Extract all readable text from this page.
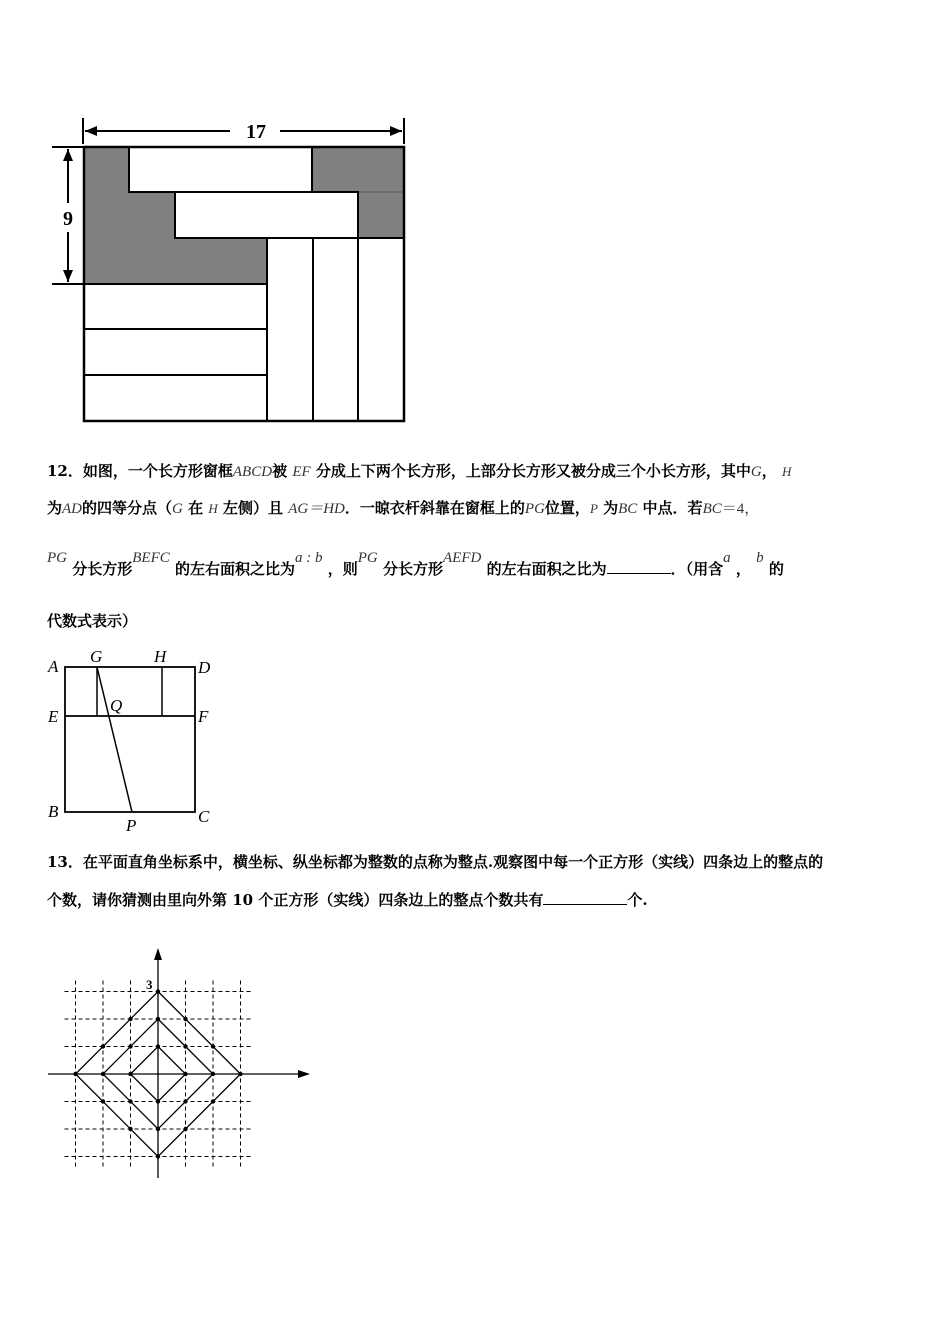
17
9
12．如图，一个长方形窗框ABCD被 EF 分成上下两个长方形，上部分长方形又被分成三个小长方形，其中G， H
为AD的四等分点（G 在 H 左侧）且 AG＝HD．一晾衣杆斜靠在窗框上的PG位置，P 为BC 中点．若BC＝4，
PG 分长方形BEFC 的左右面积之比为a : b ，则PG 分长方形AEFD 的左右面积之比为	．（用含a ， b 的
代数式表示）
A
G	H
D
E
Q
F
B
P	C
13．在平面直角坐标系中，横坐标、纵坐标都为整数的点称为整点.观察图中每一个正方形（实线）四条边上的整点的
个数，请你猜测由里向外第 10 个正方形（实线）四条边上的整点个数共有	个.
3
